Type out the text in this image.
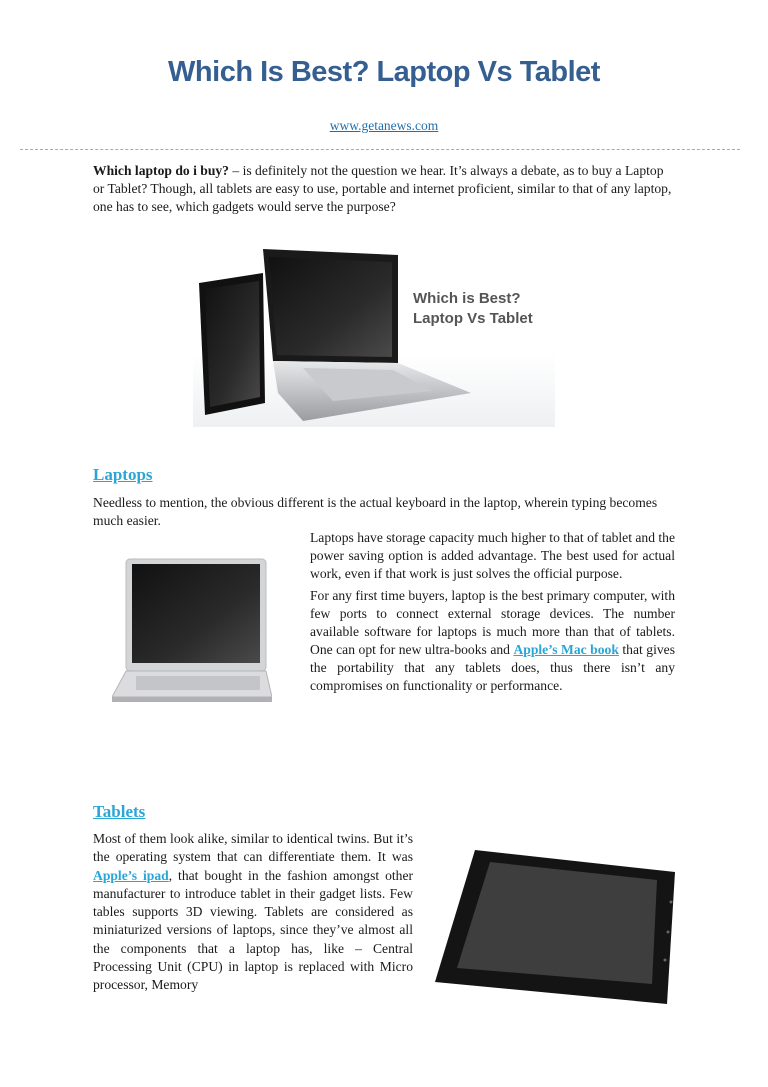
Which Is Best? Laptop Vs Tablet
www.getanews.com

Which laptop do i buy? – is definitely not the question we hear. It’s always a debate, as to buy a Laptop or Tablet? Though, all tablets are easy to use, portable and internet proficient, similar to that of any laptop, one has to see, which gadgets would serve the purpose?

Which is Best?
Laptop Vs Tablet
Laptops

Needless to mention, the obvious different is the actual keyboard in the laptop, wherein typing becomes much easier.

Laptops have storage capacity much higher to that of tablet and the power saving option is added advantage. The best used for actual work, even if that work is just solves the official purpose.

For any first time buyers, laptop is the best primary computer, with few ports to connect external storage devices. The number available software for laptops is much more than that of tablets. One can opt for new ultra-books and Apple’s Mac book that gives the portability that any tablets does, thus there isn’t any compromises on functionality or performance.

Tablets

Most of them look alike, similar to identical twins. But it’s the operating system that can differentiate them. It was Apple’s ipad, that bought in the fashion amongst other manufacturer to introduce tablet in their gadget lists. Few tables supports 3D viewing. Tablets are considered as miniaturized versions of laptops, since they’ve almost all the components that a laptop has, like – Central Processing Unit (CPU) in laptop is replaced with Micro processor, Memory
